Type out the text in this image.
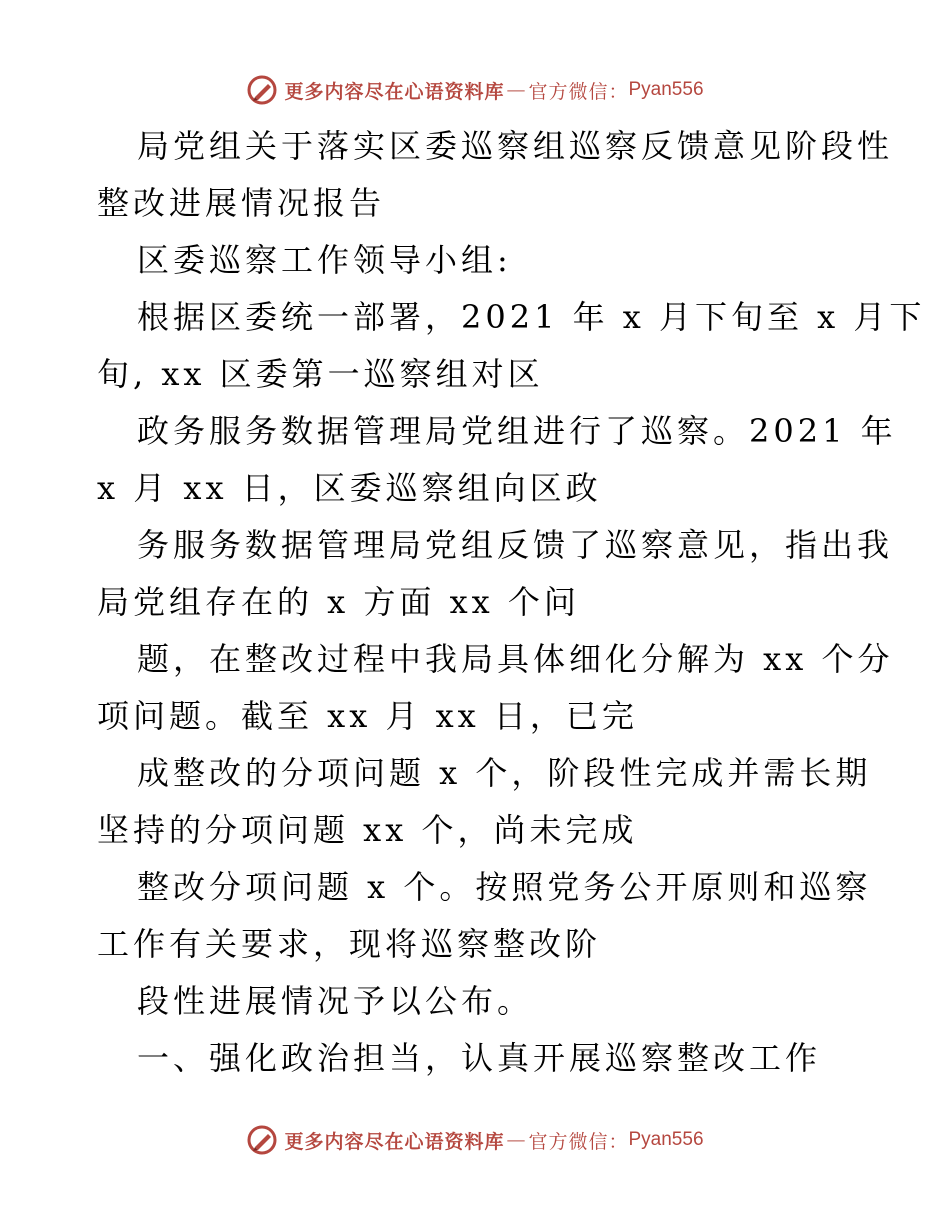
更多内容尽在心语资料库 — 官方微信： Pyan556
局党组关于落实区委巡察组巡察反馈意见阶段性
整改进展情况报告
区委巡察工作领导小组:
根据区委统一部署，2021 年 x 月下旬至 x 月下
旬, xx 区委第一巡察组对区
政务服务数据管理局党组进行了巡察。2021 年
x 月 xx 日，区委巡察组向区政
务服务数据管理局党组反馈了巡察意见，指出我
局党组存在的 x 方面 xx 个问
题，在整改过程中我局具体细化分解为 xx 个分
项问题。截至 xx 月 xx 日，已完
成整改的分项问题 x 个，阶段性完成并需长期
坚持的分项问题 xx 个，尚未完成
整改分项问题 x 个。按照党务公开原则和巡察
工作有关要求，现将巡察整改阶
段性进展情况予以公布。
一、强化政治担当，认真开展巡察整改工作
更多内容尽在心语资料库 — 官方微信： Pyan556
